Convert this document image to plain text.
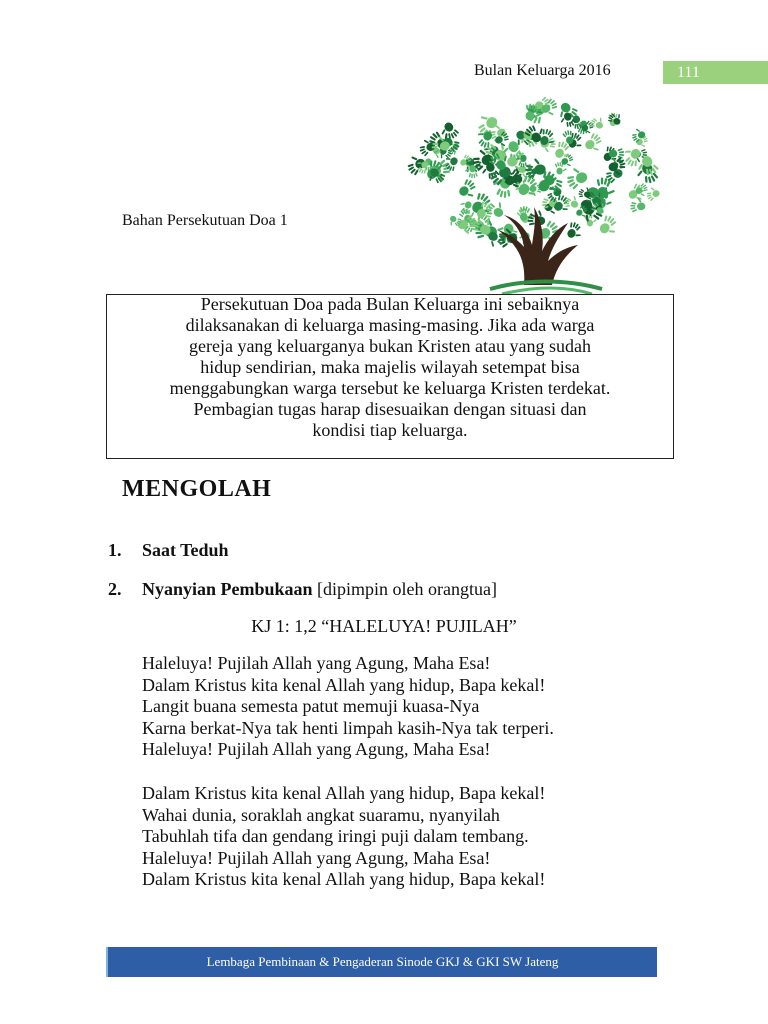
Bulan Keluarga 2016	111
Bahan Persekutuan Doa 1
Persekutuan Doa pada Bulan Keluarga ini sebaiknya
dilaksanakan di keluarga masing-masing. Jika ada warga
gereja yang keluarganya bukan Kristen atau yang sudah
hidup sendirian, maka majelis wilayah setempat bisa
menggabungkan warga tersebut ke keluarga Kristen terdekat.
Pembagian tugas harap disesuaikan dengan situasi dan
kondisi tiap keluarga.
MENGOLAH
1. Saat Teduh
2. Nyanyian Pembukaan [dipimpin oleh orangtua]
KJ 1: 1,2 “HALELUYA! PUJILAH”
Haleluya! Pujilah Allah yang Agung, Maha Esa!
Dalam Kristus kita kenal Allah yang hidup, Bapa kekal!
Langit buana semesta patut memuji kuasa-Nya
Karna berkat-Nya tak henti limpah kasih-Nya tak terperi.
Haleluya! Pujilah Allah yang Agung, Maha Esa!
Dalam Kristus kita kenal Allah yang hidup, Bapa kekal!
Wahai dunia, soraklah angkat suaramu, nyanyilah
Tabuhlah tifa dan gendang iringi puji dalam tembang.
Haleluya! Pujilah Allah yang Agung, Maha Esa!
Dalam Kristus kita kenal Allah yang hidup, Bapa kekal!
Lembaga Pembinaan & Pengaderan Sinode GKJ & GKI SW Jateng
